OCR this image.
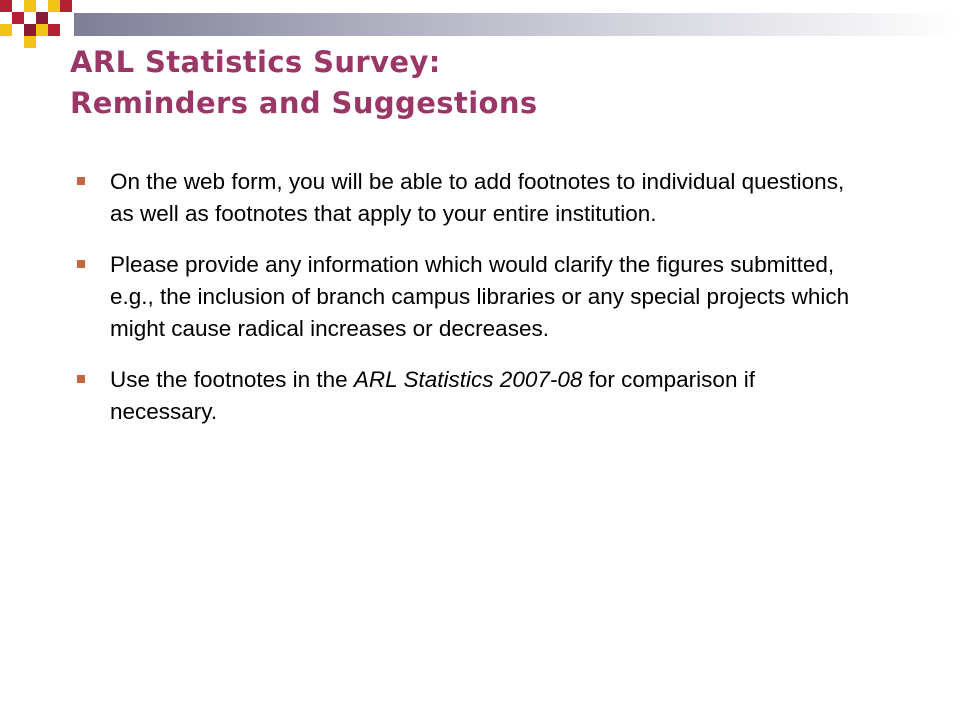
ARL Statistics Survey:
Reminders and Suggestions
On the web form, you will be able to add footnotes to individual questions, as well as footnotes that apply to your entire institution.
Please provide any information which would clarify the figures submitted, e.g., the inclusion of branch campus libraries or any special projects which might cause radical increases or decreases.
Use the footnotes in the ARL Statistics 2007-08 for comparison if necessary.
